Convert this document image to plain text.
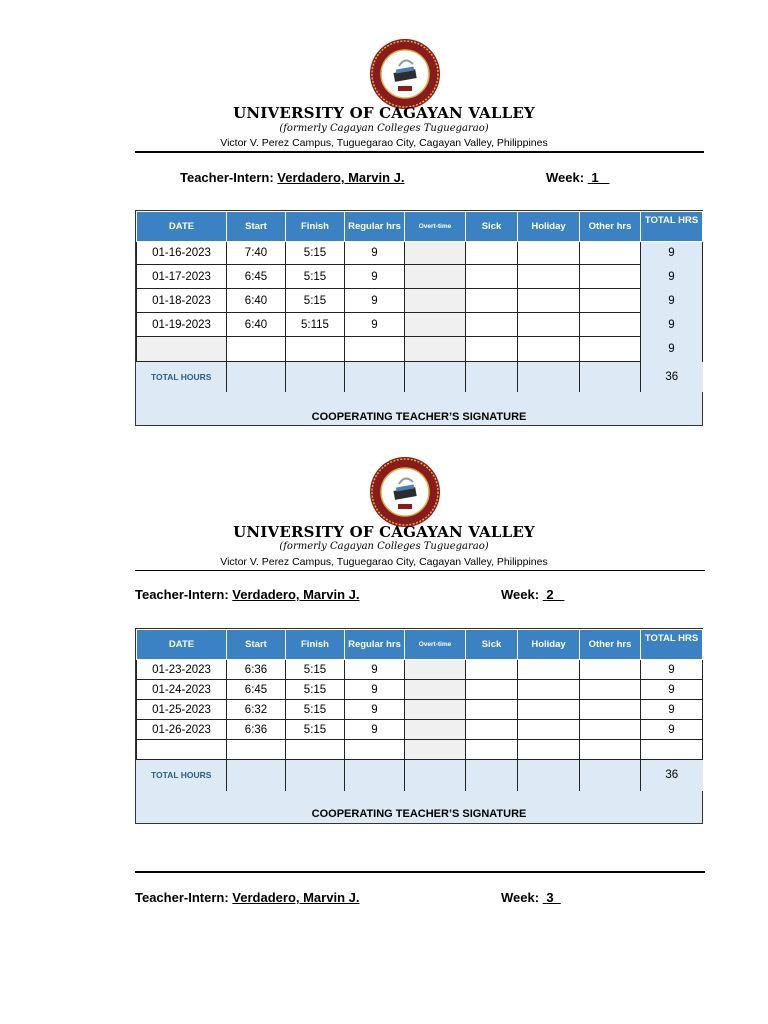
UNIVERSITY OF CAGAYAN VALLEY
(formerly Cagayan Colleges Tuguegarao)
Victor V. Perez Campus, Tuguegarao City, Cagayan Valley, Philippines
Teacher-Intern: Verdadero, Marvin J.	Week: 1
DATE	Start	Finish	Regular hrs	Overt-time	Sick	Holiday	Other hrs	TOTAL HRS
01-16-2023	7:40	5:15	9					9
01-17-2023	6:45	5:15	9					9
01-18-2023	6:40	5:15	9					9
01-19-2023	6:40	5:115	9					9
								9
TOTAL HOURS								36
COOPERATING TEACHER’S SIGNATURE
UNIVERSITY OF CAGAYAN VALLEY
(formerly Cagayan Colleges Tuguegarao)
Victor V. Perez Campus, Tuguegarao City, Cagayan Valley, Philippines
Teacher-Intern: Verdadero, Marvin J.	Week: 2
DATE	Start	Finish	Regular hrs	Overt-time	Sick	Holiday	Other hrs	TOTAL HRS
01-23-2023	6:36	5:15	9					9
01-24-2023	6:45	5:15	9					9
01-25-2023	6:32	5:15	9					9
01-26-2023	6:36	5:15	9					9

TOTAL HOURS								36
COOPERATING TEACHER’S SIGNATURE
Teacher-Intern: Verdadero, Marvin J.	Week: 3
